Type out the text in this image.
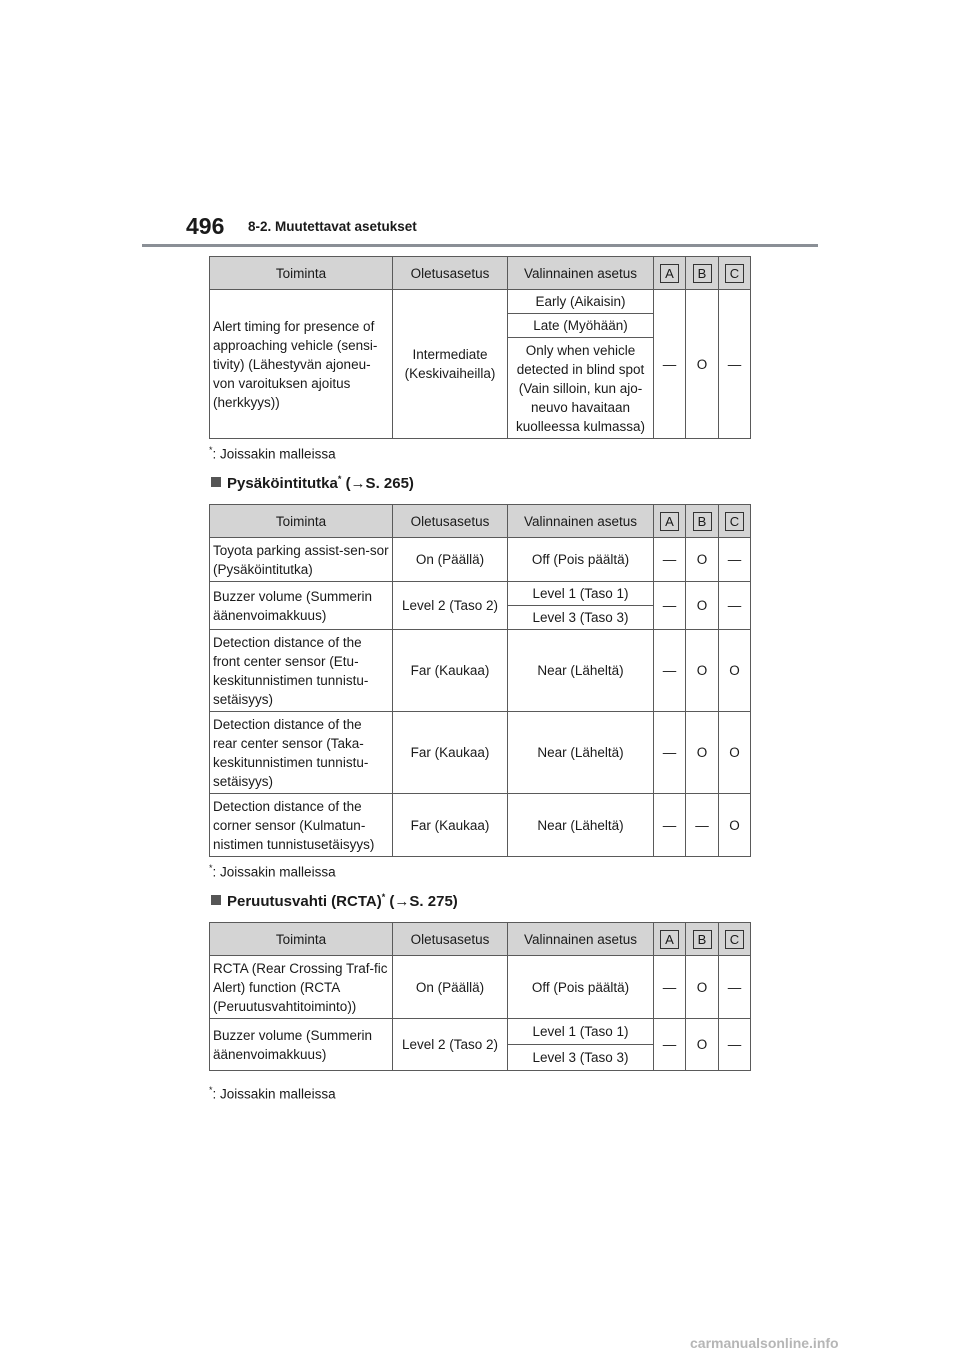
496 8-2. Muutettavat asetukset
Toiminta	Oletusasetus	Valinnainen asetus	A	B	C
Alert timing for presence of approaching vehicle (sensi-tivity) (Lähestyvän ajoneu-von varoituksen ajoitus (herkkyys))	Intermediate (Keskivaiheilla)	Early (Aikaisin)	—	O	—
		Late (Myöhään)			
		Only when vehicle detected in blind spot (Vain silloin, kun ajo-neuvo havaitaan kuolleessa kulmassa)			
*: Joissakin malleissa
Pysäköintitutka* (→S. 265)
Toiminta	Oletusasetus	Valinnainen asetus	A	B	C
Toyota parking assist-sen-sor (Pysäköintitutka)	On (Päällä)	Off (Pois päältä)	—	O	—
Buzzer volume (Summerin äänenvoimakkuus)	Level 2 (Taso 2)	Level 1 (Taso 1)	—	O	—
		Level 3 (Taso 3)			
Detection distance of the front center sensor (Etu-keskitunnistimen tunnistu-setäisyys)	Far (Kaukaa)	Near (Läheltä)	—	O	O
Detection distance of the rear center sensor (Taka-keskitunnistimen tunnistu-setäisyys)	Far (Kaukaa)	Near (Läheltä)	—	O	O
Detection distance of the corner sensor (Kulmatun-nistimen tunnistusetäisyys)	Far (Kaukaa)	Near (Läheltä)	—	—	O
*: Joissakin malleissa
Peruutusvahti (RCTA)* (→S. 275)
Toiminta	Oletusasetus	Valinnainen asetus	A	B	C
RCTA (Rear Crossing Traf-fic Alert) function (RCTA (Peruutusvahtitoiminto))	On (Päällä)	Off (Pois päältä)	—	O	—
Buzzer volume (Summerin äänenvoimakkuus)	Level 2 (Taso 2)	Level 1 (Taso 1)	—	O	—
		Level 3 (Taso 3)			
*: Joissakin malleissa
carmanualsonline.info
